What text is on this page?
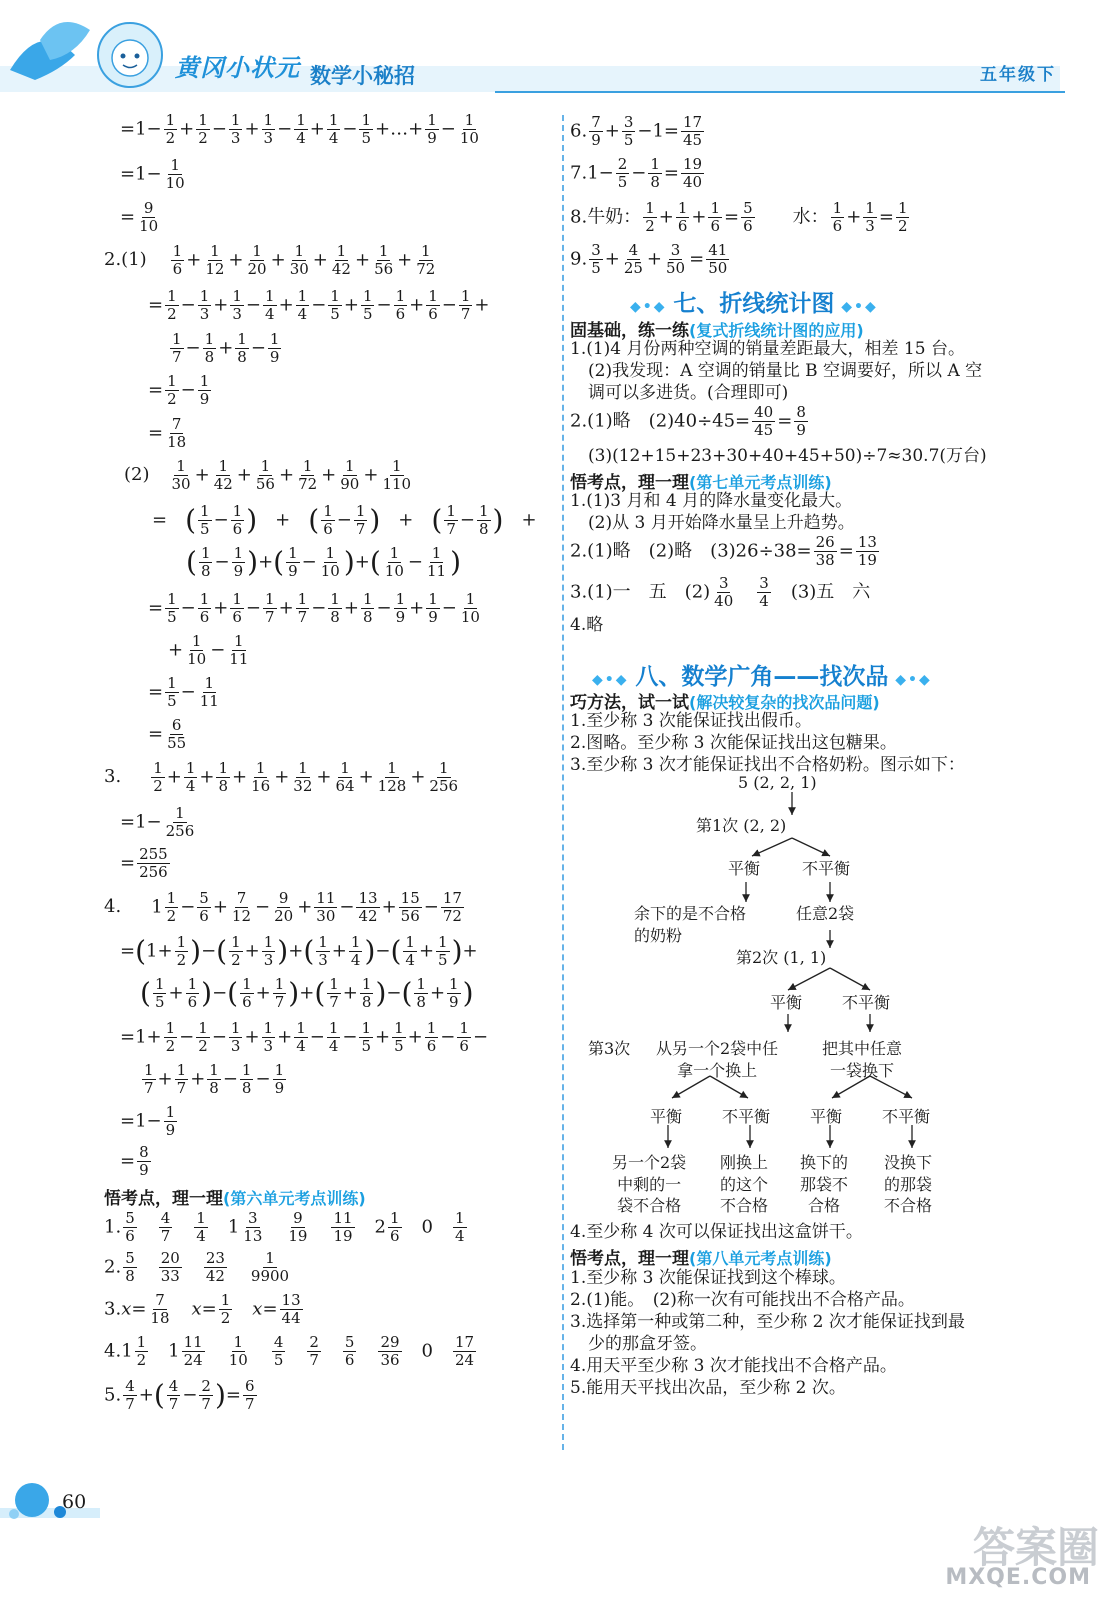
黄冈小状元 数学小秘招	五年级下
$=1- \frac{1}{2} + \frac{1}{2} - \frac{1}{3} + \frac{1}{3} - \frac{1}{4} + \frac{1}{4} - \frac{1}{5}$ +…+ $\frac{1}{9} - \frac{1}{10}$
$=1- \frac{1}{10}$
= $\frac{9}{10}$
$2.(1) \frac{1}{6} + \frac{1}{12} + \frac{1}{20} + \frac{1}{30} + \frac{1}{42} + \frac{1}{56} + \frac{1}{72}$
= $\frac{1}{2} - \frac{1}{3} + \frac{1}{3} - \frac{1}{4} + \frac{1}{4} - \frac{1}{5} + \frac{1}{5} - \frac{1}{6} + \frac{1}{6} - \frac{1}{7}$ +
$\frac{1}{7} - \frac{1}{8} + \frac{1}{8} - \frac{1}{9}$
= $\frac{1}{2} - \frac{1}{9}$
= $\frac{7}{18}$
$(2) \frac{1}{30} + \frac{1}{42} + \frac{1}{56} + \frac{1}{72} + \frac{1}{90} + \frac{1}{110}$
=　( $\frac{1}{5} - \frac{1}{6}$ )　+　( $\frac{1}{6} - \frac{1}{7}$ )　+　( $\frac{1}{7} - \frac{1}{8}$ )　+
( $\frac{1}{8} - \frac{1}{9}$ )+( $\frac{1}{9} - \frac{1}{10}$ )+( $\frac{1}{10} - \frac{1}{11}$ )
= $\frac{1}{5} - \frac{1}{6} + \frac{1}{6} - \frac{1}{7} + \frac{1}{7} - \frac{1}{8} + \frac{1}{8} - \frac{1}{9} + \frac{1}{9} - \frac{1}{10}$
+ $\frac{1}{10} - \frac{1}{11}$
= $\frac{1}{5} - \frac{1}{11}$
= $\frac{6}{55}$
3. $\frac{1}{2} + \frac{1}{4} + \frac{1}{8} + \frac{1}{16} + \frac{1}{32} + \frac{1}{64} + \frac{1}{128} + \frac{1}{256}$
$=1- \frac{1}{256}$
= $\frac{255}{256}$
4. $1 \frac{1}{2} - \frac{5}{6} + \frac{7}{12} - \frac{9}{20} + \frac{11}{30} - \frac{13}{42} + \frac{15}{56} - \frac{17}{72}$
$=(1+ \frac{1}{2}$ )−( $\frac{1}{2} + \frac{1}{3}$ )+( $\frac{1}{3} + \frac{1}{4}$ )−( $\frac{1}{4} + \frac{1}{5}$ )+
( $\frac{1}{5} + \frac{1}{6}$ )−( $\frac{1}{6} + \frac{1}{7}$ )+( $\frac{1}{7} + \frac{1}{8}$ )−( $\frac{1}{8} + \frac{1}{9}$ )
$=1+ \frac{1}{2} - \frac{1}{2} - \frac{1}{3} + \frac{1}{3} + \frac{1}{4} - \frac{1}{4} - \frac{1}{5} + \frac{1}{5} + \frac{1}{6} - \frac{1}{6}$ −
$\frac{1}{7} + \frac{1}{7} + \frac{1}{8} - \frac{1}{8} - \frac{1}{9}$
$=1- \frac{1}{9}$
= $\frac{8}{9}$
悟考点，理一理(第六单元考点训练)
1. $\frac{5}{6}$
　 $\frac{4}{7}$
　 $\frac{1}{4}$ 　$1 \frac{3}{13}$
　 $\frac{9}{19}$
　 $\frac{11}{19}$ 　$2 \frac{1}{6}$ 　0　 $\frac{1}{4}$
2. $\frac{5}{8}$
　 $\frac{20}{33}$
　 $\frac{23}{42}$
　 $\frac{1}{9900}$
$3.x= \frac{7}{18}$
　 $x= \frac{1}{2}$
　 $x= \frac{13}{44}$
$4.1 \frac{1}{2}$ 　$1 \frac{11}{24}$
　 $\frac{1}{10}$
　 $\frac{4}{5}$
　 $\frac{2}{7}$
　 $\frac{5}{6}$
　 $\frac{29}{36}$ 　0　 $\frac{17}{24}$
5. $\frac{4}{7}$ +( $\frac{4}{7} - \frac{2}{7}$ )= $\frac{6}{7}$
6. $\frac{7}{9} + \frac{3}{5} -1= \frac{17}{45}$
$7.1- \frac{2}{5} - \frac{1}{8} = \frac{19}{40}$
8.牛奶： $\frac{1}{2} + \frac{1}{6} + \frac{1}{6} = \frac{5}{6}$
　　 水： $\frac{1}{6} + \frac{1}{3} = \frac{1}{2}$
9. $\frac{3}{5} + \frac{4}{25} + \frac{3}{50} = \frac{41}{50}$
◆•◆ 七、折线统计图 ◆•◆
固基础，练一练(复式折线统计图的应用)
1.(1)4 月份两种空调的销量差距最大，相差 15 台。
(2)我发现：A 空调的销量比 B 空调要好，所以 A 空
调可以多进货。(合理即可)
2.(1)略　$(2)40\div 45= \frac{40}{45} = \frac{8}{9}$
(3)(12+15+23+30+40+45+50)÷7≈30.7(万台)
悟考点，理一理(第七单元考点训练)
1.(1)3 月和 4 月的降水量变化最大。
(2)从 3 月开始降水量呈上升趋势。
2.(1)略　(2)略　$(3)26\div 38= \frac{26}{38} = \frac{13}{19}$
3.(1)一　五　$(2) \frac{3}{40}$
　 $\frac{3}{4}$
　 (3)五　六
4.略
◆•◆ 八、数学广角——找次品 ◆•◆
巧方法，试一试(解决较复杂的找次品问题)
1.至少称 3 次能保证找出假币。
2.图略。至少称 3 次能保证找出这包糖果。
3.至少称 3 次才能保证找出不合格奶粉。图示如下：
5 (2, 2, 1)
第1次 (2, 2)
平衡	不平衡
余下的是不合格
的奶粉
任意2袋
第2次 (1, 1)
平衡 不平衡
第3次 从另一个2袋中任
拿一个换上
把其中任意
一袋换下
平衡 不平衡 平衡 不平衡
另一个2袋
中剩的一
袋不合格
刚换上
的这个
不合格
换下的
那袋不
合格
没换下
的那袋
不合格
4.至少称 4 次可以保证找出这盒饼干。
悟考点，理一理(第八单元考点训练)
1.至少称 3 次能保证找到这个棒球。
2.(1)能。　(2)称一次有可能找出不合格产品。
3.选择第一种或第二种，至少称 2 次才能保证找到最
少的那盒牙签。
4.用天平至少称 3 次才能找出不合格产品。
5.能用天平找出次品，至少称 2 次。
60
答案圈
MXQE.COM
